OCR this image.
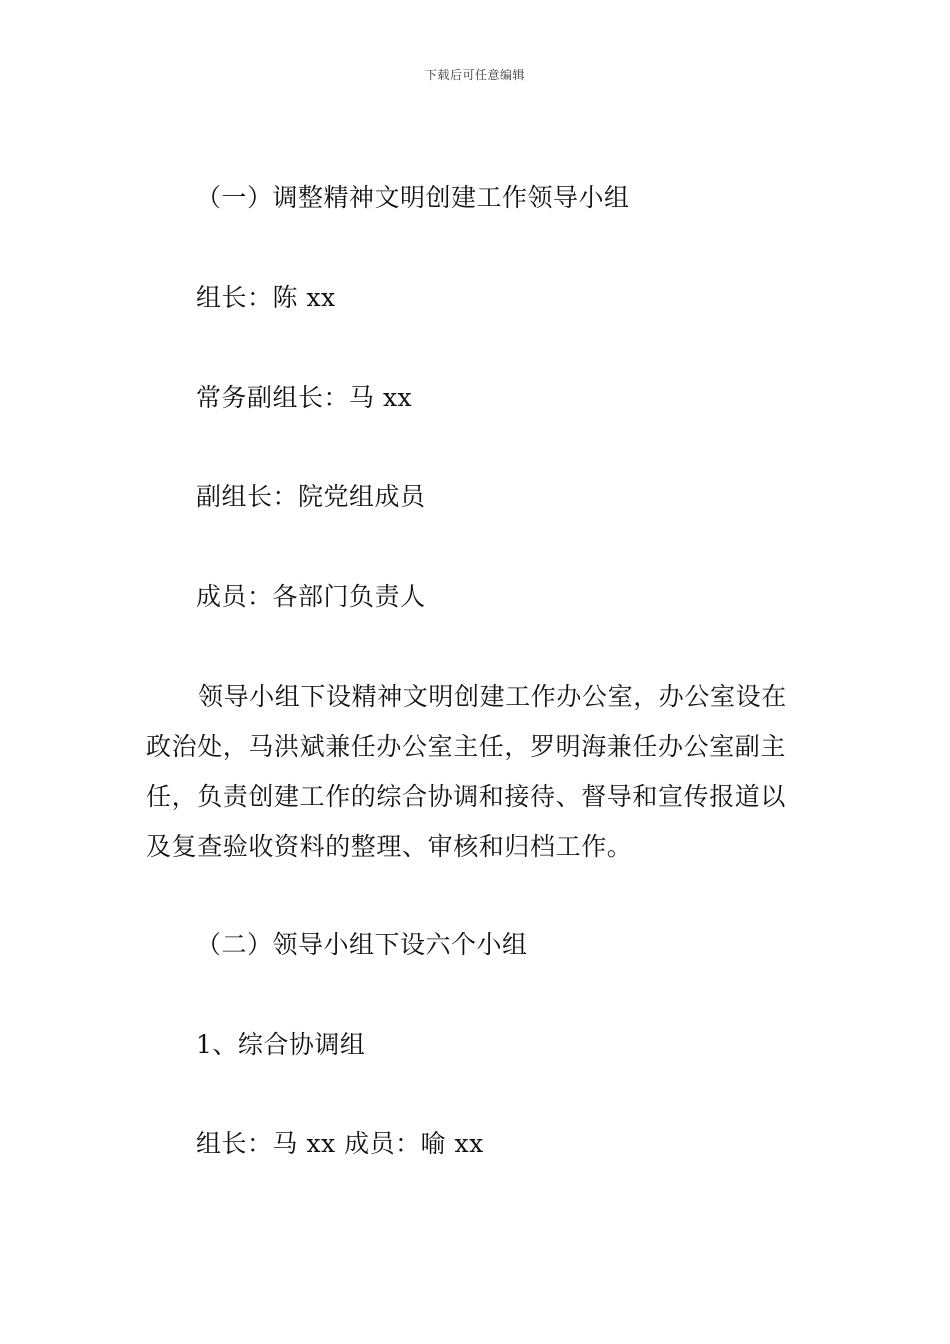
下载后可任意编辑
（一）调整精神文明创建工作领导小组
组长：陈 xx
常务副组长：马 xx
副组长：院党组成员
成员：各部门负责人
领导小组下设精神文明创建工作办公室，办公室设在政治处，马洪斌兼任办公室主任，罗明海兼任办公室副主任，负责创建工作的综合协调和接待、督导和宣传报道以及复查验收资料的整理、审核和归档工作。
（二）领导小组下设六个小组
1、综合协调组
组长：马 xx 成员：喻 xx
